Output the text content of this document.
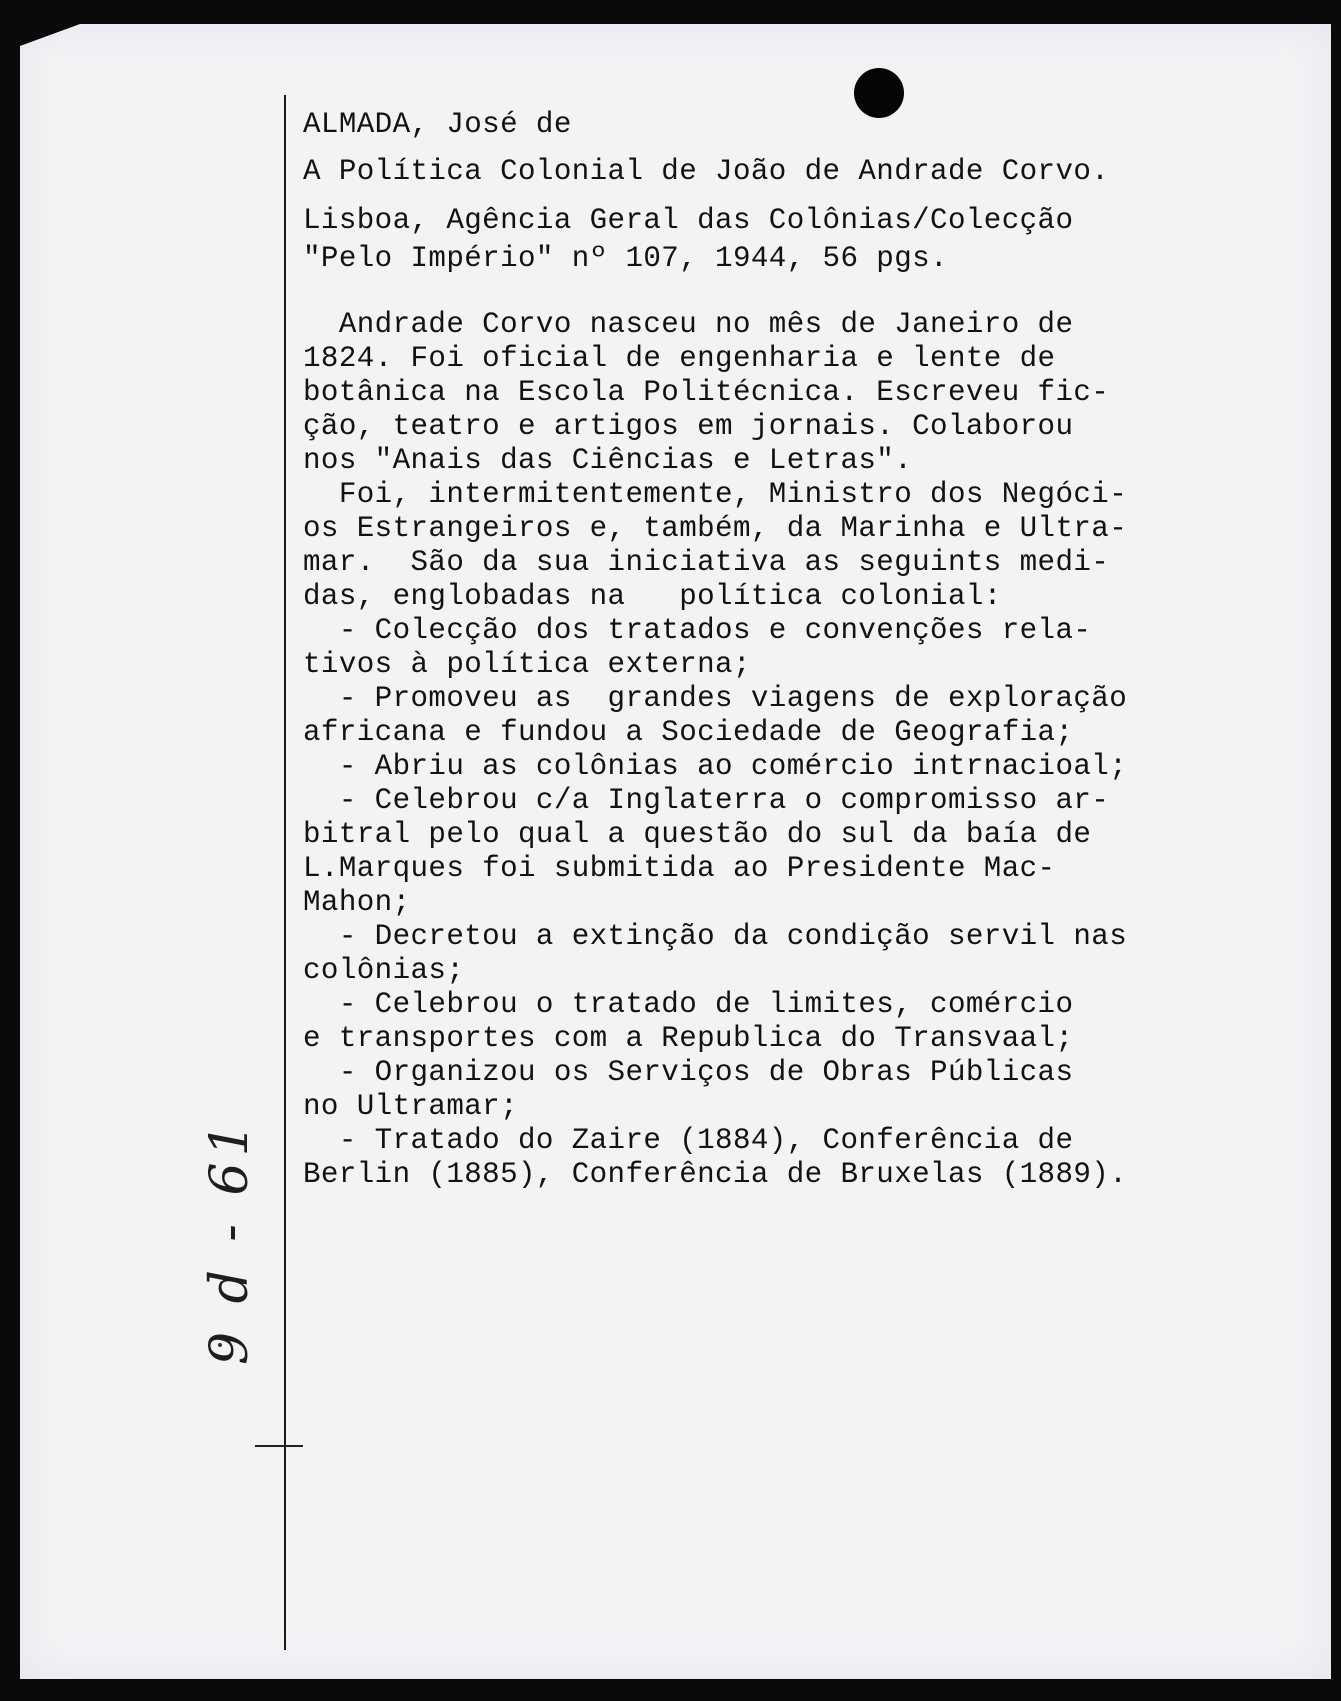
ALMADA, José de

A Política Colonial de João de Andrade Corvo.

Lisboa, Agência Geral das Colônias/Colecção

"Pelo Império" nº 107, 1944, 56 pgs.

Andrade Corvo nasceu no mês de Janeiro de

1824. Foi oficial de engenharia e lente de

botânica na Escola Politécnica. Escreveu fic-

ção, teatro e artigos em jornais. Colaborou

nos "Anais das Ciências e Letras".

Foi, intermitentemente, Ministro dos Negóci-

os Estrangeiros e, também, da Marinha e Ultra-

mar.  São da sua iniciativa as seguints medi-

das, englobadas na   política colonial:

- Colecção dos tratados e convenções rela-

tivos à política externa;

- Promoveu as  grandes viagens de exploração

africana e fundou a Sociedade de Geografia;

- Abriu as colônias ao comércio intrnacioal;

- Celebrou c/a Inglaterra o compromisso ar-

bitral pelo qual a questão do sul da baía de

L.Marques foi submitida ao Presidente Mac-

Mahon;

- Decretou a extinção da condição servil nas

colônias;

- Celebrou o tratado de limites, comércio

e transportes com a Republica do Transvaal;

- Organizou os Serviços de Obras Públicas

no Ultramar;

- Tratado do Zaire (1884), Conferência de

Berlin (1885), Conferência de Bruxelas (1889).

9 d - 61
